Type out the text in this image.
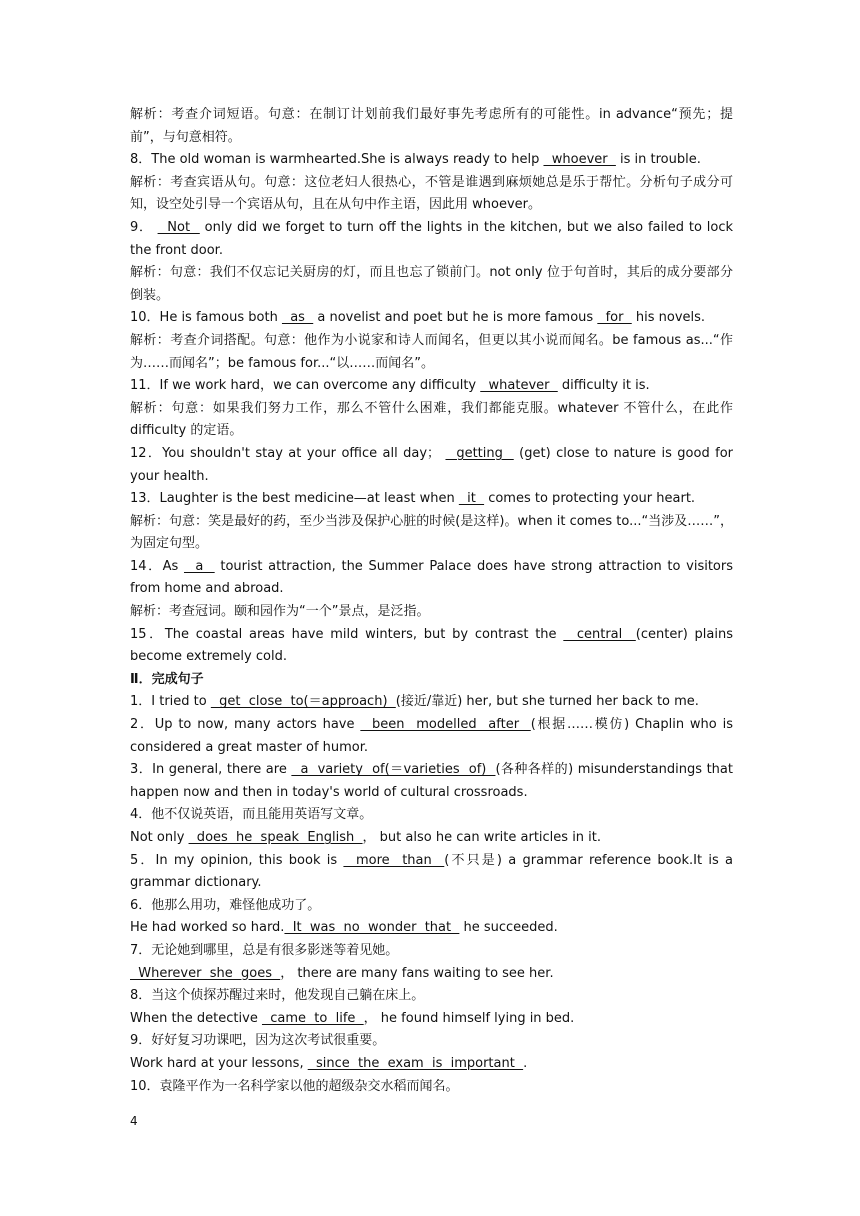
解析：考查介词短语。句意：在制订计划前我们最好事先考虑所有的可能性。in advance“预先；提前”，与句意相符。

8．The old woman is warmhearted.She is always ready to help   whoever   is in trouble.

解析：考查宾语从句。句意：这位老妇人很热心，不管是谁遇到麻烦她总是乐于帮忙。分析句子成分可知，设空处引导一个宾语从句，且在从句中作主语，因此用 whoever。

9．   Not   only did we forget to turn off the lights in the kitchen, but we also failed to lock the front door.

解析：句意：我们不仅忘记关厨房的灯，而且也忘了锁前门。not only 位于句首时，其后的成分要部分倒装。

10．He is famous both   as   a novelist and poet but he is more famous   for   his novels.

解析：考查介词搭配。句意：他作为小说家和诗人而闻名，但更以其小说而闻名。be famous as...“作为……而闻名”；be famous for...“以……而闻名”。

11．If we work hard，we can overcome any difficulty   whatever   difficulty it is.

解析：句意：如果我们努力工作，那么不管什么困难，我们都能克服。whatever 不管什么，在此作 difficulty 的定语。

12．You shouldn't stay at your office all day；   getting   (get) close to nature is good for your health.

13．Laughter is the best medicine—at least when   it   comes to protecting your heart.

解析：句意：笑是最好的药，至少当涉及保护心脏的时候(是这样)。when it comes to...“当涉及……”，为固定句型。

14．As   a   tourist attraction, the Summer Palace does have strong attraction to visitors from home and abroad.

解析：考查冠词。颐和园作为“一个”景点，是泛指。

15．The coastal areas have mild winters, but by contrast the   central  (center) plains become extremely cold.

Ⅱ．完成句子

1．I tried to   get  close  to(＝approach)  (接近/靠近) her, but she turned her back to me.

2．Up to now, many actors have   been  modelled  after  (根据……模仿) Chaplin who is considered a great master of humor.

3．In general, there are   a  variety  of(＝varieties  of)  (各种各样的) misunderstandings that happen now and then in today's world of cultural crossroads.

4．他不仅说英语，而且能用英语写文章。

Not only   does  he  speak  English  ， but also he can write articles in it.

5．In my opinion, this book is   more  than  (不只是) a grammar reference book.It is a grammar dictionary.

6．他那么用功，难怪他成功了。

He had worked so hard.  It  was  no  wonder  that   he succeeded.

7．无论她到哪里，总是有很多影迷等着见她。

Wherever  she  goes  ， there are many fans waiting to see her.

8．当这个侦探苏醒过来时，他发现自己躺在床上。

When the detective   came  to  life  ， he found himself lying in bed.

9．好好复习功课吧，因为这次考试很重要。

Work hard at your lessons,   since  the  exam  is  important  .

10．袁隆平作为一名科学家以他的超级杂交水稻而闻名。

4
